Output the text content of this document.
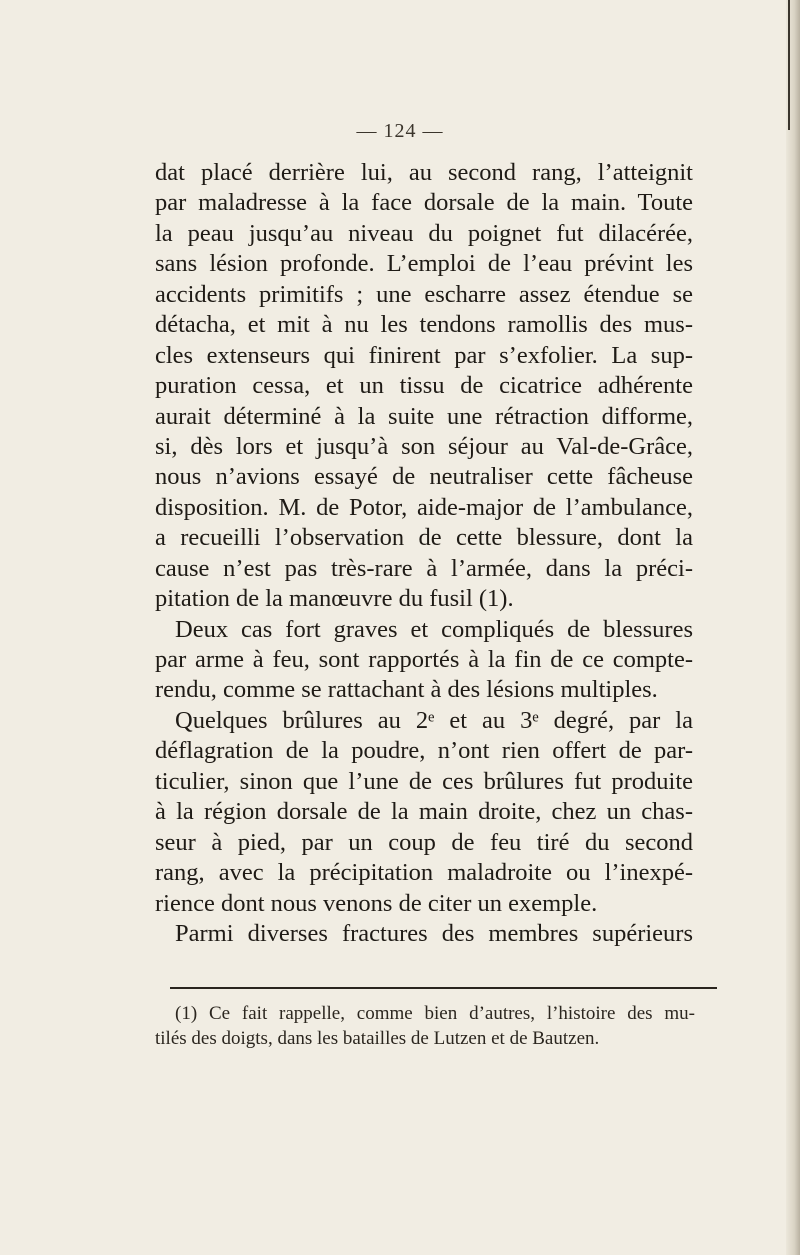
— 124 —
dat placé derrière lui, au second rang, l’atteignit
par maladresse à la face dorsale de la main. Toute
la peau jusqu’au niveau du poignet fut dilacérée,
sans lésion profonde. L’emploi de l’eau prévint les
accidents primitifs ; une escharre assez étendue se
détacha, et mit à nu les tendons ramollis des mus-
cles extenseurs qui finirent par s’exfolier. La sup-
puration cessa, et un tissu de cicatrice adhérente
aurait déterminé à la suite une rétraction difforme,
si, dès lors et jusqu’à son séjour au Val-de-Grâce,
nous n’avions essayé de neutraliser cette fâcheuse
disposition. M. de Potor, aide-major de l’ambulance,
a recueilli l’observation de cette blessure, dont la
cause n’est pas très-rare à l’armée, dans la préci-
pitation de la manœuvre du fusil (1).
Deux cas fort graves et compliqués de blessures
par arme à feu, sont rapportés à la fin de ce compte-
rendu, comme se rattachant à des lésions multiples.
Quelques brûlures au 2ᵉ et au 3ᵉ degré, par la
déflagration de la poudre, n’ont rien offert de par-
ticulier, sinon que l’une de ces brûlures fut produite
à la région dorsale de la main droite, chez un chas-
seur à pied, par un coup de feu tiré du second
rang, avec la précipitation maladroite ou l’inexpé-
rience dont nous venons de citer un exemple.
Parmi diverses fractures des membres supérieurs
(1) Ce fait rappelle, comme bien d’autres, l’histoire des mu-
tilés des doigts, dans les batailles de Lutzen et de Bautzen.
